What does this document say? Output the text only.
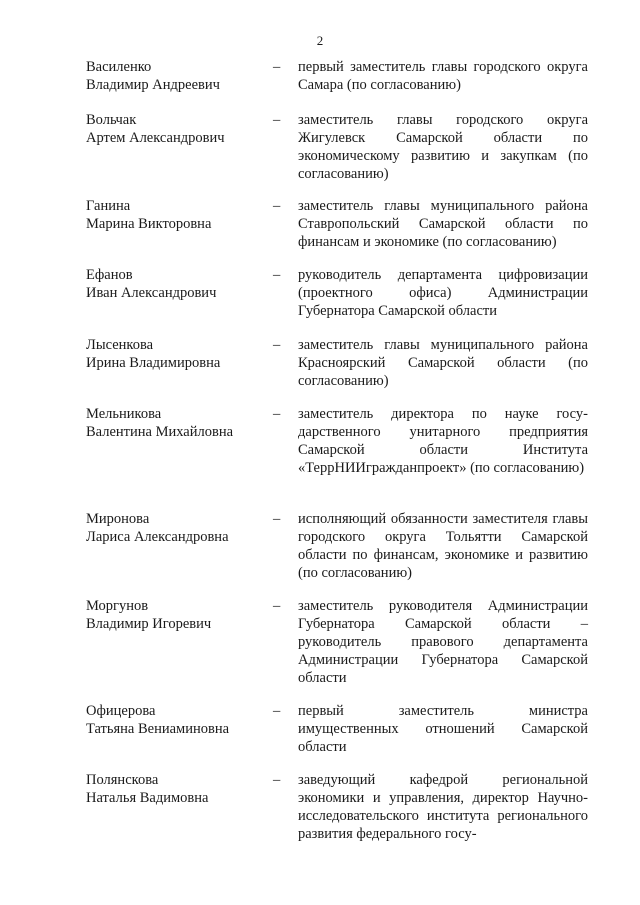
2
Василенко
Владимир Андреевич
– первый заместитель главы городского округа Самара (по согласованию)
Вольчак
Артем Александрович
– заместитель главы городского округа Жигулевск Самарской области по экономическому развитию и закупкам (по согласованию)
Ганина
Марина Викторовна
– заместитель главы муниципального района Ставропольский Самарской области по финансам и экономике (по согласованию)
Ефанов
Иван Александрович
– руководитель департамента цифровизации (проектного офиса) Администрации Губернатора Самарской области
Лысенкова
Ирина Владимировна
– заместитель главы муниципального района Красноярский Самарской области (по согласованию)
Мельникова
Валентина Михайловна
– заместитель директора по науке государственного унитарного предприятия Самарской области Института «ТеррНИИгражданпроект» (по согласованию)
Миронова
Лариса Александровна
– исполняющий обязанности заместителя главы городского округа Тольятти Самарской области по финансам, экономике и развитию (по согласованию)
Моргунов
Владимир Игоревич
– заместитель руководителя Администрации Губернатора Самарской области – руководитель правового департамента Администрации Губернатора Самарской области
Офицерова
Татьяна Вениаминовна
– первый заместитель министра имущественных отношений Самарской области
Полянскова
Наталья Вадимовна
– заведующий кафедрой региональной экономики и управления, директор Научно-исследовательского института регионального развития федерального госу-
